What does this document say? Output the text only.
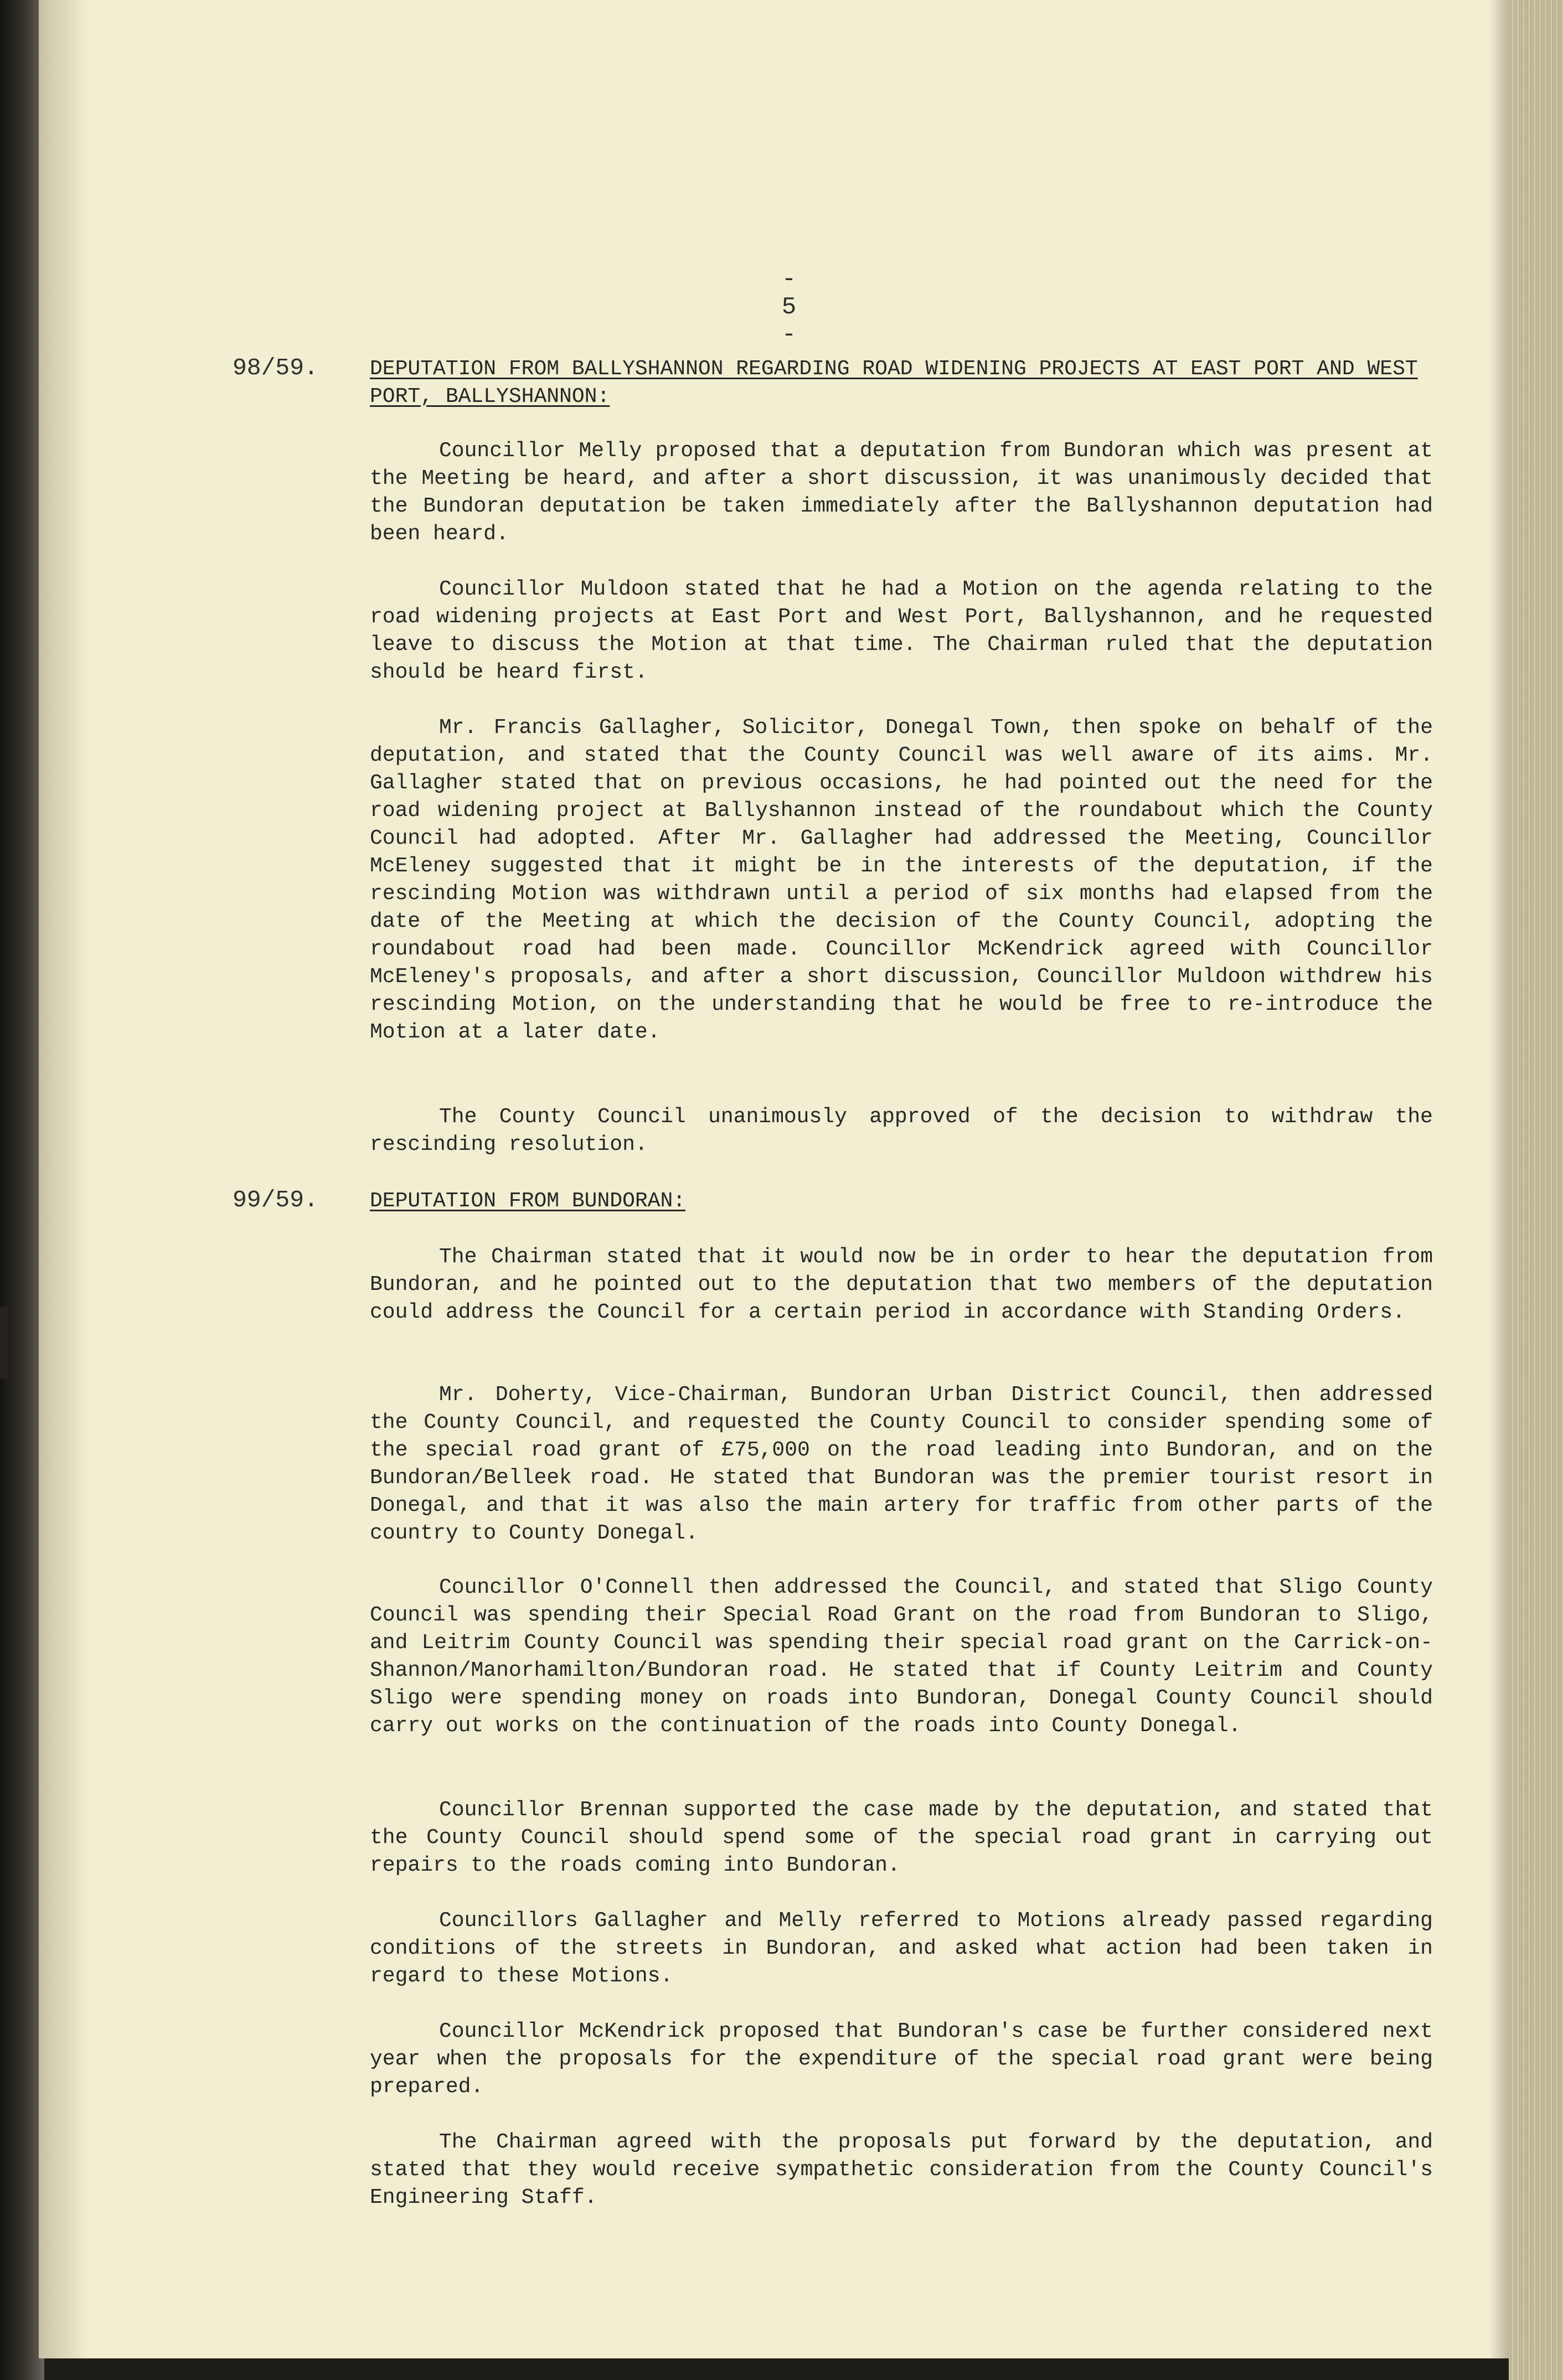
- 5 -
98/59. DEPUTATION FROM BALLYSHANNON REGARDING ROAD WIDENING PROJECTS AT EAST PORT AND WEST PORT, BALLYSHANNON:

Councillor Melly proposed that a deputation from Bundoran which was present at the Meeting be heard, and after a short discussion, it was unanimously decided that the Bundoran deputation be taken immediately after the Ballyshannon deputation had been heard.

Councillor Muldoon stated that he had a Motion on the agenda relating to the road widening projects at East Port and West Port, Ballyshannon, and he requested leave to discuss the Motion at that time. The Chairman ruled that the deputation should be heard first.

Mr. Francis Gallagher, Solicitor, Donegal Town, then spoke on behalf of the deputation, and stated that the County Council was well aware of its aims. Mr. Gallagher stated that on previous occasions, he had pointed out the need for the road widening project at Ballyshannon instead of the roundabout which the County Council had adopted. After Mr. Gallagher had addressed the Meeting, Councillor McEleney suggested that it might be in the interests of the deputation, if the rescinding Motion was withdrawn until a period of six months had elapsed from the date of the Meeting at which the decision of the County Council, adopting the roundabout road had been made. Councillor McKendrick agreed with Councillor McEleney's proposals, and after a short discussion, Councillor Muldoon withdrew his rescinding Motion, on the understanding that he would be free to re-introduce the Motion at a later date.

The County Council unanimously approved of the decision to withdraw the rescinding resolution.

99/59. DEPUTATION FROM BUNDORAN:

The Chairman stated that it would now be in order to hear the deputation from Bundoran, and he pointed out to the deputation that two members of the deputation could address the Council for a certain period in accordance with Standing Orders.

Mr. Doherty, Vice-Chairman, Bundoran Urban District Council, then addressed the County Council, and requested the County Council to consider spending some of the special road grant of £75,000 on the road leading into Bundoran, and on the Bundoran/Belleek road. He stated that Bundoran was the premier tourist resort in Donegal, and that it was also the main artery for traffic from other parts of the country to County Donegal.

Councillor O'Connell then addressed the Council, and stated that Sligo County Council was spending their Special Road Grant on the road from Bundoran to Sligo, and Leitrim County Council was spending their special road grant on the Carrick-on-Shannon/Manorhamilton/Bundoran road. He stated that if County Leitrim and County Sligo were spending money on roads into Bundoran, Donegal County Council should carry out works on the continuation of the roads into County Donegal.

Councillor Brennan supported the case made by the deputation, and stated that the County Council should spend some of the special road grant in carrying out repairs to the roads coming into Bundoran.

Councillors Gallagher and Melly referred to Motions already passed regarding conditions of the streets in Bundoran, and asked what action had been taken in regard to these Motions.

Councillor McKendrick proposed that Bundoran's case be further considered next year when the proposals for the expenditure of the special road grant were being prepared.

The Chairman agreed with the proposals put forward by the deputation, and stated that they would receive sympathetic consideration from the County Council's Engineering Staff.
